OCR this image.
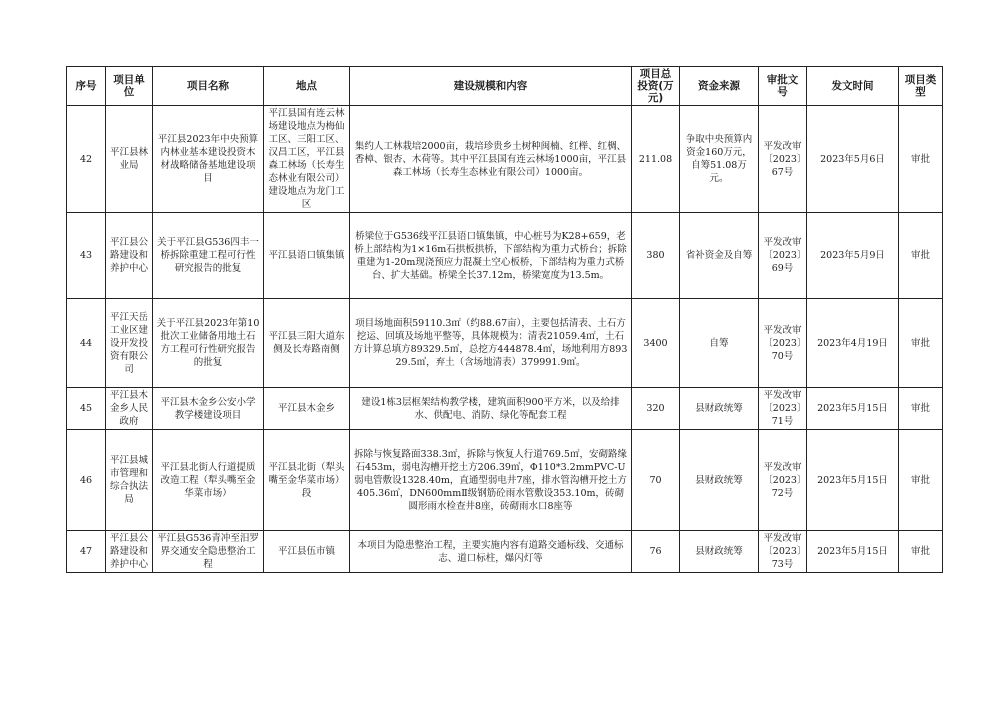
序号	项目单位	项目名称	地点	建设规模和内容	项目总投资(万元)	资金来源	审批文号	发文时间	项目类型
42	平江县林业局	平江县2023年中央预算内林业基本建设投资木材战略储备基地建设项目	平江县国有连云林场建设地点为梅仙工区、三阳工区、汉昌工区，平江县森工林场（长寿生态林业有限公司）建设地点为龙门工区	集约人工林栽培2000亩，栽培珍贵乡土树种闽楠、红榉、红椆、香樟、银杏、木荷等。其中平江县国有连云林场1000亩，平江县森工林场（长寿生态林业有限公司）1000亩。	211.08	争取中央预算内资金160万元，自筹51.08万元。	平发改审〔2023〕67号	2023年5月6日	审批
43	平江县公路建设和养护中心	关于平江县G536四丰一桥拆除重建工程可行性研究报告的批复	平江县语口镇集镇	桥梁位于G536线平江县语口镇集镇，中心桩号为K28+659，老桥上部结构为1×16m石拱板拱桥，下部结构为重力式桥台；拆除重建为1-20m现浇预应力混凝土空心板桥，下部结构为重力式桥台、扩大基础。桥梁全长37.12m，桥梁宽度为13.5m。	380	省补资金及自筹	平发改审〔2023〕69号	2023年5月9日	审批
44	平江天岳工业区建设开发投资有限公司	关于平江县2023年第10批次工业储备用地土石方工程可行性研究报告的批复	平江县三阳大道东侧及长寿路南侧	项目场地面积59110.3㎡（约88.67亩），主要包括清表、土石方挖运、回填及场地平整等，具体规模为：清表21059.4㎡，土石方计算总填方89329.5㎥，总挖方444878.4㎥，场地利用方89329.5㎥，弃土（含场地清表）379991.9㎥。	3400	自筹	平发改审〔2023〕70号	2023年4月19日	审批
45	平江县木金乡人民政府	平江县木金乡公安小学教学楼建设项目	平江县木金乡	建设1栋3层框架结构教学楼，建筑面积900平方米，以及给排水、供配电、消防、绿化等配套工程	320	县财政统筹	平发改审〔2023〕71号	2023年5月15日	审批
46	平江县城市管理和综合执法局	平江县北街人行道提质改造工程（犁头嘴至金华菜市场）	平江县北街（犁头嘴至金华菜市场）段	拆除与恢复路面338.3㎡，拆除与恢复人行道769.5㎡，安砌路缘石453m，弱电沟槽开挖土方206.39㎥，Φ110*3.2mmPVC-U弱电管敷设1328.40m，直通型弱电井7座，排水管沟槽开挖土方405.36㎥，DN600mmⅡ级钢筋砼雨水管敷设353.10m，砖砌圆形雨水检查井8座，砖砌雨水口8座等	70	县财政统筹	平发改审〔2023〕72号	2023年5月15日	审批
47	平江县公路建设和养护中心	平江县G536青冲至汨罗界交通安全隐患整治工程	平江县伍市镇	本项目为隐患整治工程，主要实施内容有道路交通标线、交通标志、道口标柱，爆闪灯等	76	县财政统筹	平发改审〔2023〕73号	2023年5月15日	审批
